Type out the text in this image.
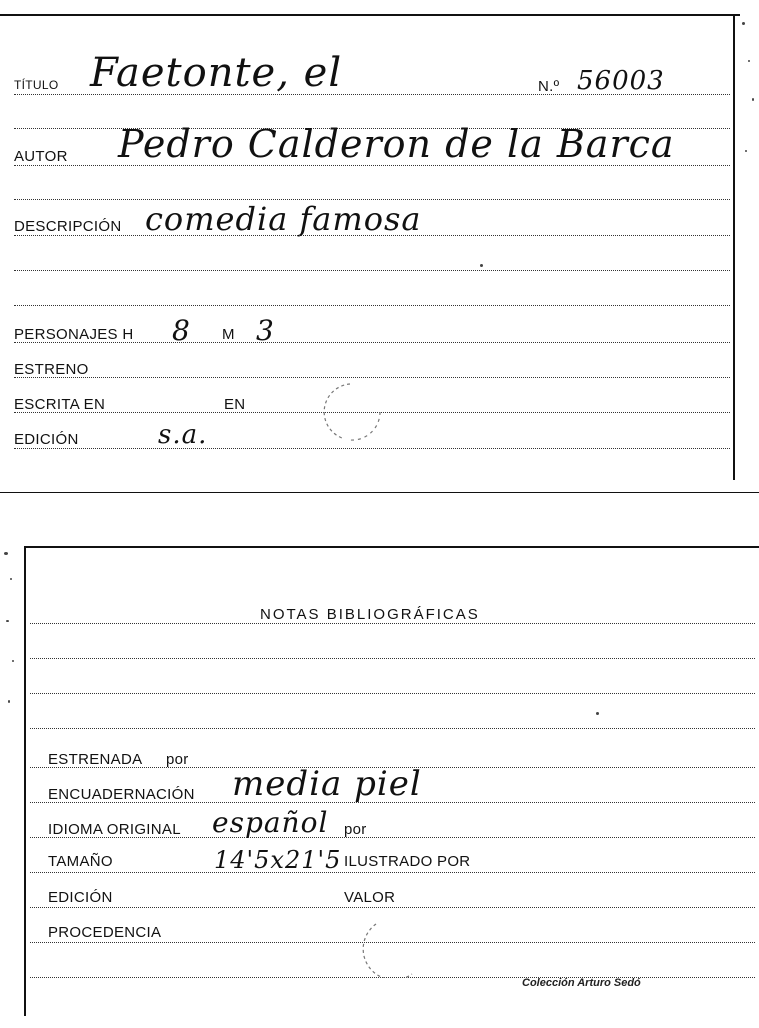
TÍTULO Faetonte, el	N.º 56003
AUTOR Pedro Calderon de la Barca
DESCRIPCIÓN comedia famosa
PERSONAJES H 8 M 3
ESTRENO
ESCRITA EN	EN
EDICIÓN	s.a.
NOTAS BIBLIOGRÁFICAS
ESTRENADA por
ENCUADERNACIÓN media piel
IDIOMA ORIGINAL español por
TAMAÑO	14'5x21'5 ILUSTRADO POR
EDICIÓN	VALOR
PROCEDENCIA
Colección Arturo Sedó
